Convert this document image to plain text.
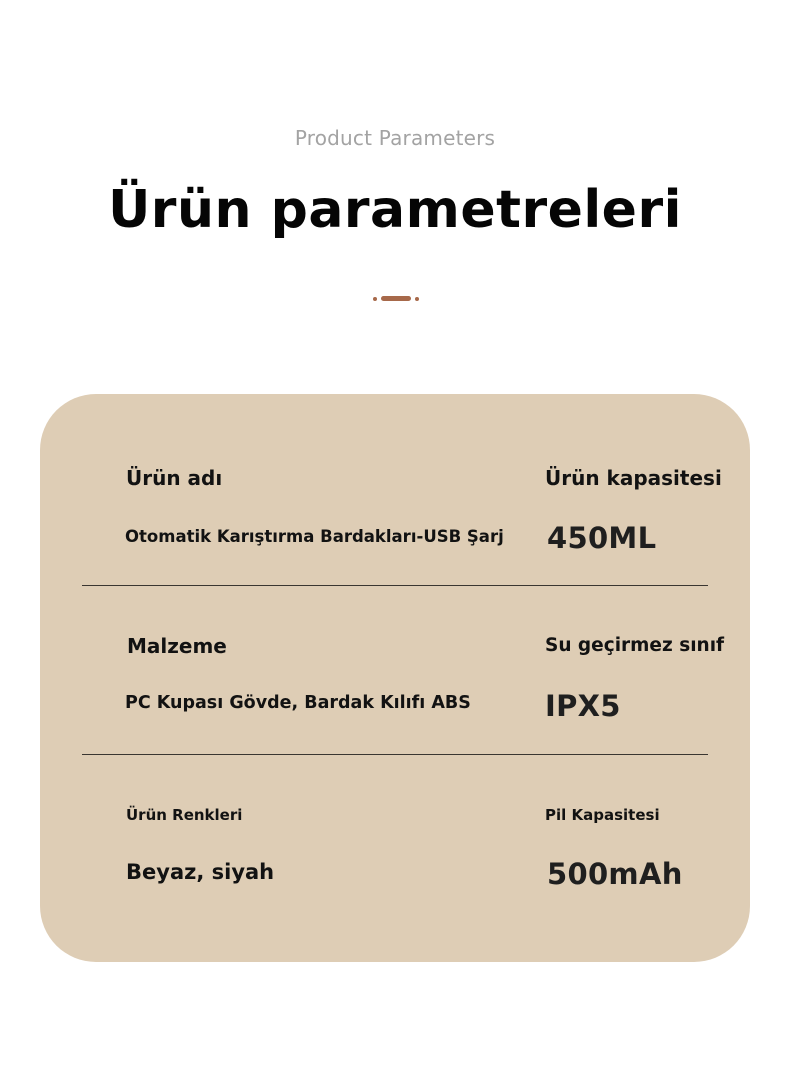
Product Parameters
Ürün parametreleri
Ürün adı
Otomatik Karıştırma Bardakları-USB Şarj
Ürün kapasitesi
450ML
Malzeme
PC Kupası Gövde, Bardak Kılıfı ABS
Su geçirmez sınıf
IPX5
Ürün Renkleri
Beyaz, siyah
Pil Kapasitesi
500mAh
